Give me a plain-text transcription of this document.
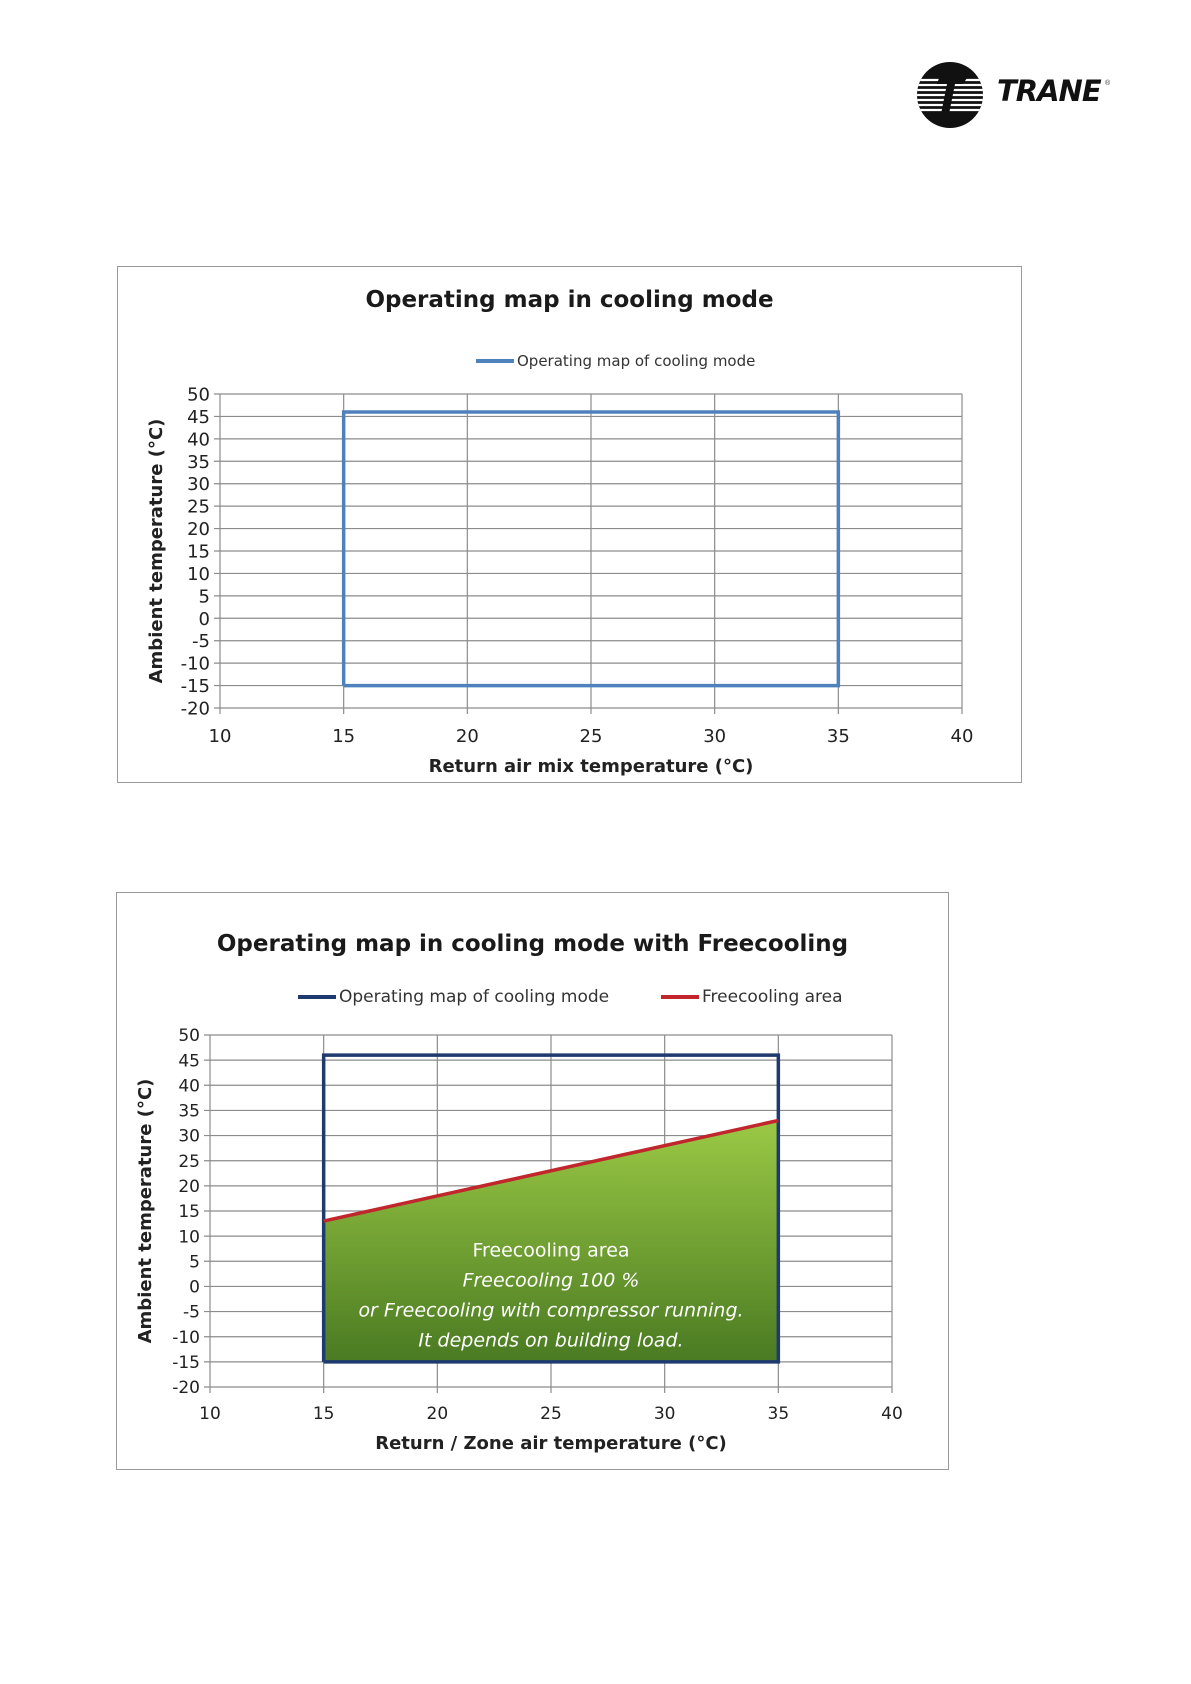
TRANE ®
Operating map in cooling mode
Operating map of cooling mode
50
45
40
35
30
25
20
15
10
5
0
-5
-10
-15
-20
10	15	20	25	30	35	40
Return air mix temperature (°C)
Ambient temperature (°C)
Operating map in cooling mode with Freecooling
Operating map of cooling mode	Freecooling area
50
45
40
35
30
25
20
15
10
5
0
-5
-10
-15
-20
10	15	20	25	30	35	40
Return / Zone air temperature (°C)
Ambient temperature (°C)	Freecooling area
Freecooling 100 %
or Freecooling with compressor running.
It depends on building load.
